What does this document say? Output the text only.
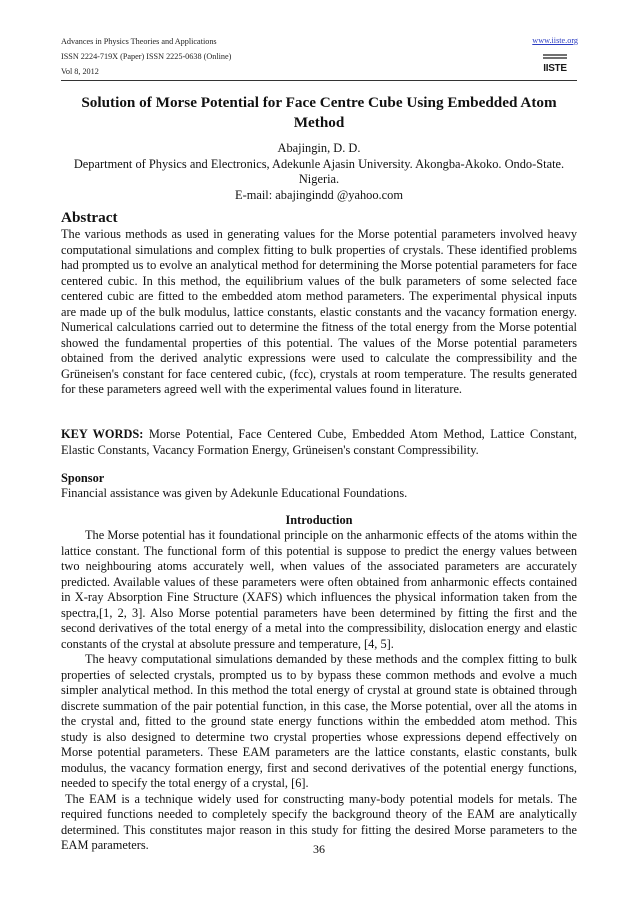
Advances in Physics Theories and Applications
ISSN 2224-719X (Paper) ISSN 2225-0638 (Online)
Vol 8, 2012
www.iiste.org
IISTE
Solution of Morse Potential for Face Centre Cube Using Embedded Atom Method
Abajingin, D. D.
Department of Physics and Electronics, Adekunle Ajasin University. Akongba-Akoko. Ondo-State. Nigeria.
E-mail: abajingindd @yahoo.com
Abstract

The various methods as used in generating values for the Morse potential parameters involved heavy computational simulations and complex fitting to bulk properties of crystals. These identified problems had prompted us to evolve an analytical method for determining the Morse potential parameters for face centered cubic. In this method, the equilibrium values of the bulk parameters of some selected face centered cubic are fitted to the embedded atom method parameters. The experimental physical inputs are made up of the bulk modulus, lattice constants, elastic constants and the vacancy formation energy. Numerical calculations carried out to determine the fitness of the total energy from the Morse potential showed the fundamental properties of this potential. The values of the Morse potential parameters obtained from the derived analytic expressions were used to calculate the compressibility and the Grüneisen's constant for face centered cubic, (fcc), crystals at room temperature. The results generated for these parameters agreed well with the experimental values found in literature.

KEY WORDS: Morse Potential, Face Centered Cube, Embedded Atom Method, Lattice Constant, Elastic Constants, Vacancy Formation Energy, Grüneisen's constant Compressibility.

Sponsor

Financial assistance was given by Adekunle Educational Foundations.

Introduction

The Morse potential has it foundational principle on the anharmonic effects of the atoms within the lattice constant. The functional form of this potential is suppose to predict the energy values between two neighbouring atoms accurately well, when values of the associated parameters are accurately predicted. Available values of these parameters were often obtained from anharmonic effects contained in X-ray Absorption Fine Structure (XAFS) which influences the physical information taken from the spectra,[1, 2, 3]. Also Morse potential parameters have been determined by fitting the first and the second derivatives of the total energy of a metal into the compressibility, dislocation energy and elastic constants of the crystal at absolute pressure and temperature, [4, 5].

The heavy computational simulations demanded by these methods and the complex fitting to bulk properties of selected crystals, prompted us to by bypass these common methods and evolve a much simpler analytical method. In this method the total energy of crystal at ground state is obtained through discrete summation of the pair potential function, in this case, the Morse potential, over all the atoms in the crystal and, fitted to the ground state energy functions within the embedded atom method. This study is also designed to determine two crystal properties whose expressions depend effectively on Morse potential parameters. These EAM parameters are the lattice constants, elastic constants, bulk modulus, the vacancy formation energy, first and second derivatives of the potential energy functions, needed to specify the total energy of a crystal, [6].

The EAM is a technique widely used for constructing many-body potential models for metals. The required functions needed to completely specify the background theory of the EAM are analytically determined. This constitutes major reason in this study for fitting the desired Morse parameters to the EAM parameters.	36
